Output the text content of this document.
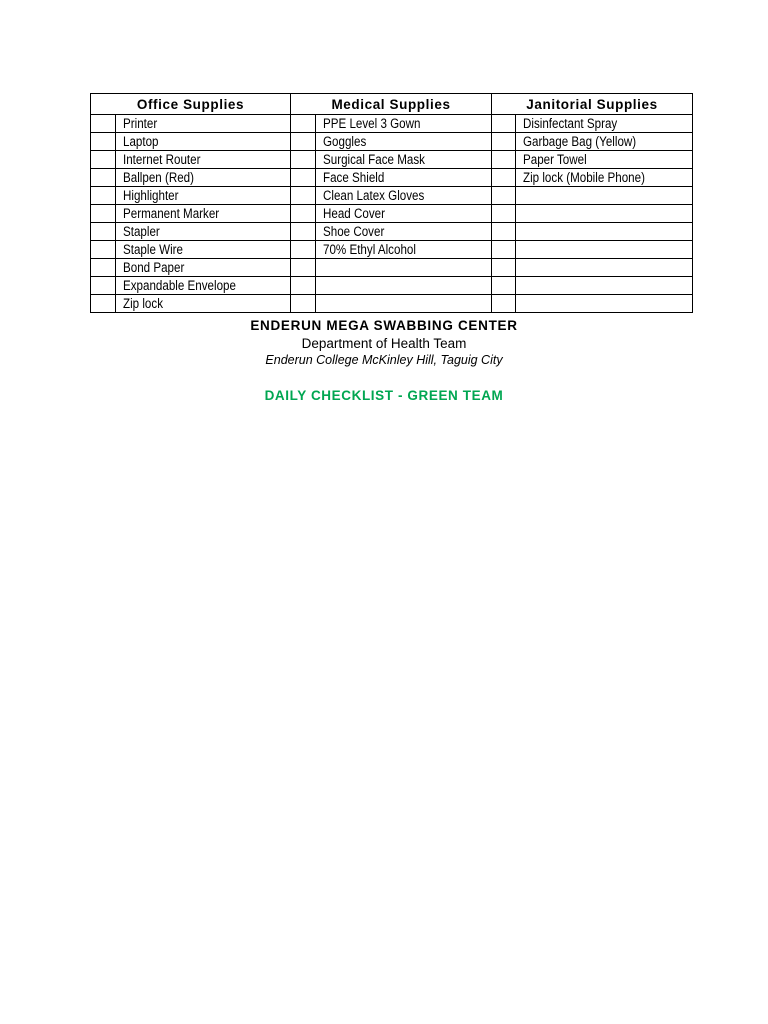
Office Supplies		Medical Supplies		Janitorial Supplies	
	Printer		PPE Level 3 Gown		Disinfectant Spray
	Laptop		Goggles		Garbage Bag (Yellow)
	Internet Router		Surgical Face Mask		Paper Towel
	Ballpen (Red)		Face Shield		Zip lock (Mobile Phone)
	Highlighter		Clean Latex Gloves		
	Permanent Marker		Head Cover		
	Stapler		Shoe Cover		
	Staple Wire		70% Ethyl Alcohol		
	Bond Paper				
	Expandable Envelope				
	Zip lock				
ENDERUN MEGA SWABBING CENTER
Department of Health Team
Enderun College McKinley Hill, Taguig City
DAILY CHECKLIST - GREEN TEAM
